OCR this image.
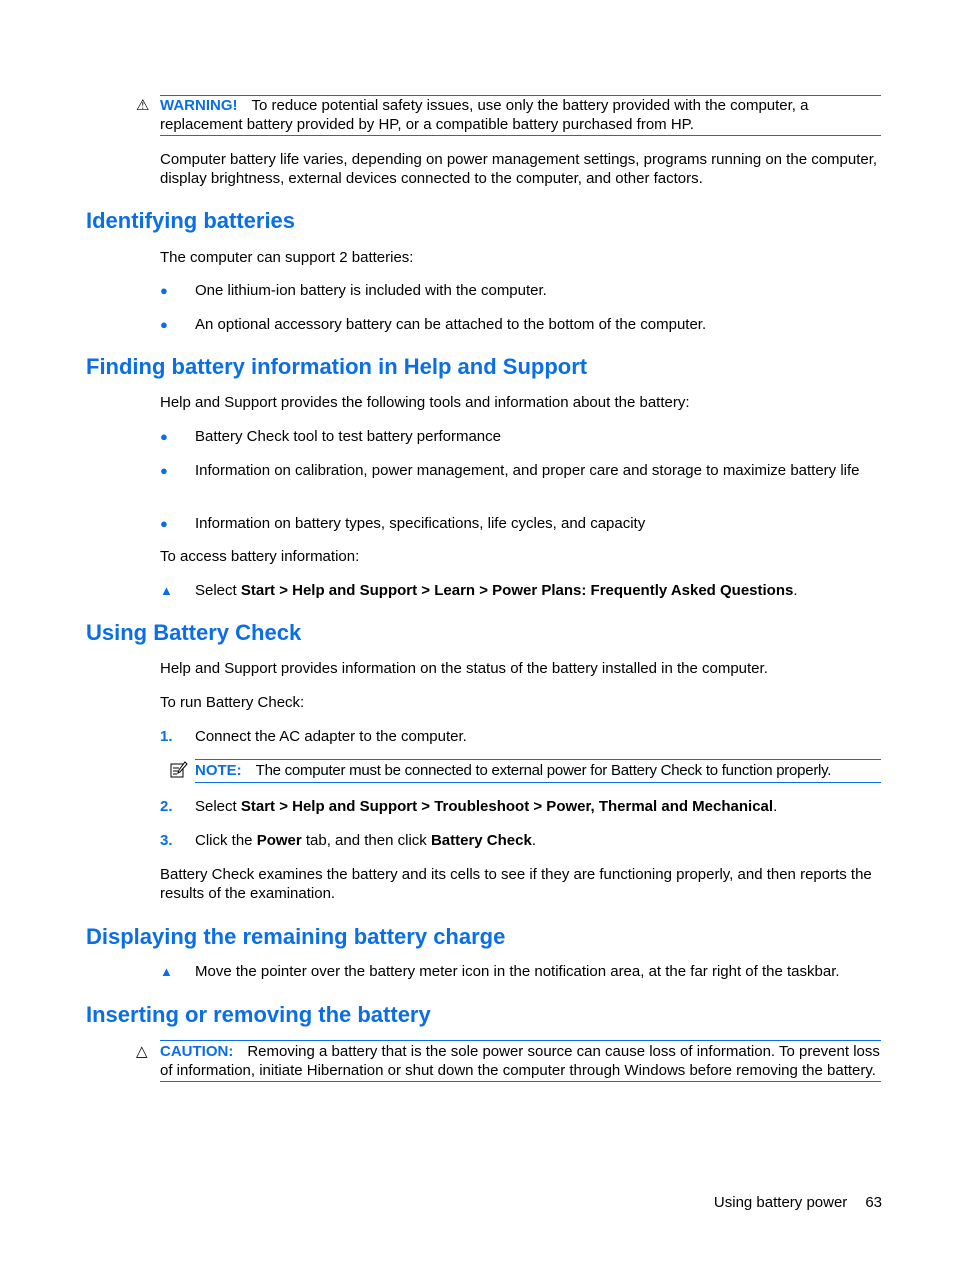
⚠ WARNING! To reduce potential safety issues, use only the battery provided with the computer, a replacement battery provided by HP, or a compatible battery purchased from HP.

Computer battery life varies, depending on power management settings, programs running on the computer, display brightness, external devices connected to the computer, and other factors.

Identifying batteries

The computer can support 2 batteries:

●	One lithium-ion battery is included with the computer.
●	An optional accessory battery can be attached to the bottom of the computer.
Finding battery information in Help and Support

Help and Support provides the following tools and information about the battery:

●	Battery Check tool to test battery performance
●	Information on calibration, power management, and proper care and storage to maximize battery life
●	Information on battery types, specifications, life cycles, and capacity

To access battery information:

▲ Select Start > Help and Support > Learn > Power Plans: Frequently Asked Questions.
Using Battery Check

Help and Support provides information on the status of the battery installed in the computer.

To run Battery Check:

1. Connect the AC adapter to the computer.
NOTE: The computer must be connected to external power for Battery Check to function properly.
2. Select Start > Help and Support > Troubleshoot > Power, Thermal and Mechanical.
3. Click the Power tab, and then click Battery Check.

Battery Check examines the battery and its cells to see if they are functioning properly, and then reports the results of the examination.

Displaying the remaining battery charge
▲ Move the pointer over the battery meter icon in the notification area, at the far right of the taskbar.
Inserting or removing the battery
△ CAUTION: Removing a battery that is the sole power source can cause loss of information. To prevent loss of information, initiate Hibernation or shut down the computer through Windows before removing the battery.
Using battery power 63
